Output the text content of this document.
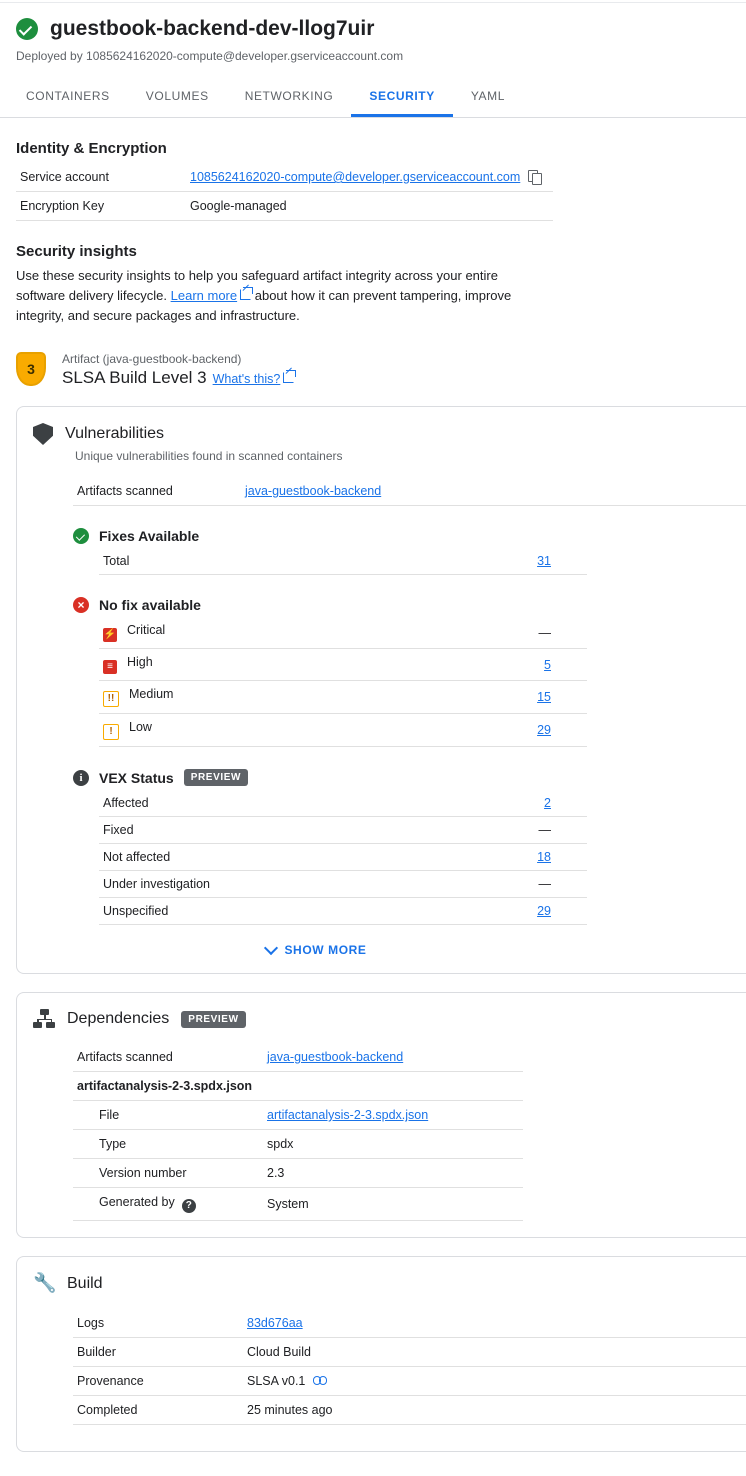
guestbook-backend-dev-llog7uir
Deployed by 1085624162020-compute@developer.gserviceaccount.com
CONTAINERS	VOLUMES	NETWORKING	SECURITY	YAML
Identity & Encryption
Service account	1085624162020-compute@developer.gserviceaccount.com
Encryption Key	Google-managed
Security insights
Use these security insights to help you safeguard artifact integrity across your entire software delivery lifecycle. Learn more about how it can prevent tampering, improve integrity, and secure packages and infrastructure.
3
Artifact (java-guestbook-backend)
SLSA Build Level 3 What's this?
Vulnerabilities
Unique vulnerabilities found in scanned containers
Artifacts scanned	java-guestbook-backend
Fixes Available
Total	31
×	No fix available
⚡ Critical	—
≡ High	5
!! Medium	15
! Low	29
i	VEX Status	PREVIEW
Affected	2
Fixed	—
Not affected	18
Under investigation	—
Unspecified	29
SHOW MORE
Dependencies	PREVIEW
Artifacts scanned	java-guestbook-backend
artifactanalysis-2-3.spdx.json	
File	artifactanalysis-2-3.spdx.json
Type	spdx
Version number	2.3
Generated by ?	System
🔧 Build
Logs	83d676aa
Builder	Cloud Build
Provenance	SLSA v0.1
Completed	25 minutes ago
